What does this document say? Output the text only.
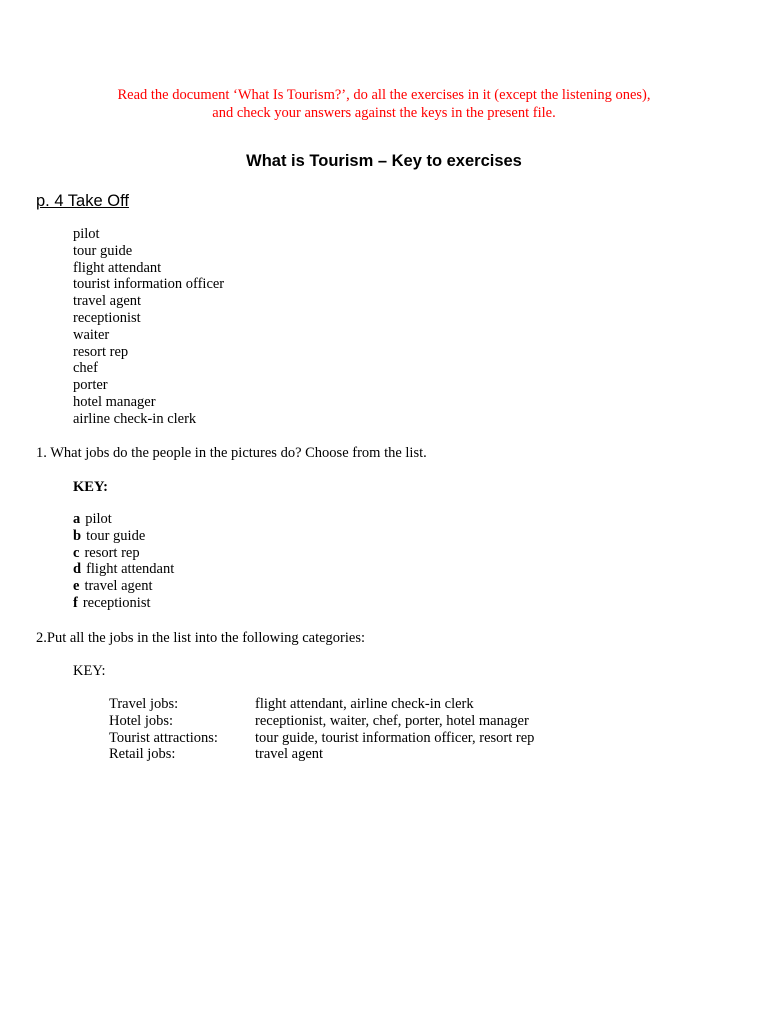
Read the document ‘What Is Tourism?’, do all the exercises in it (except the listening ones),
and check your answers against the keys in the present file.
What is Tourism – Key to exercises
p. 4 Take Off
pilot
tour guide
flight attendant
tourist information officer
travel agent
receptionist
waiter
resort rep
chef
porter
hotel manager
airline check-in clerk
1. What jobs do the people in the pictures do? Choose from the list.
KEY:
a pilot
b tour guide
c resort rep
d flight attendant
e travel agent
f receptionist
2.Put all the jobs in the list into the following categories:
KEY:
Travel jobs:	flight attendant, airline check-in clerk
Hotel jobs:	receptionist, waiter, chef, porter, hotel manager
Tourist attractions:	tour guide, tourist information officer, resort rep
Retail jobs:	travel agent
